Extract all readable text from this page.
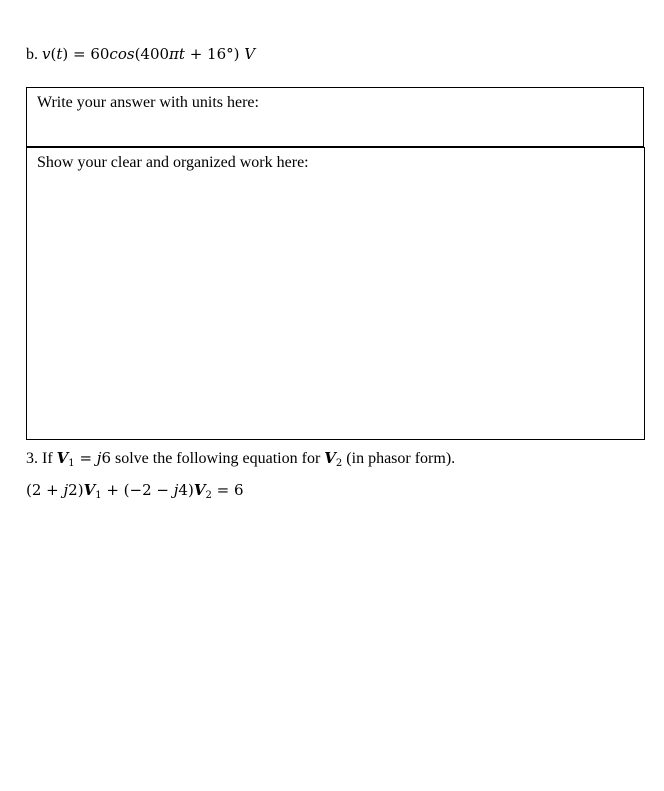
b. v(t) = 60cos(400πt + 16°) V
Write your answer with units here:
Show your clear and organized work here:
3. If $V_1 = j6$ solve the following equation for $V_2$ (in phasor form).
$(2 + j2)V_1 + (-2 - j4)V_2 = 6$
